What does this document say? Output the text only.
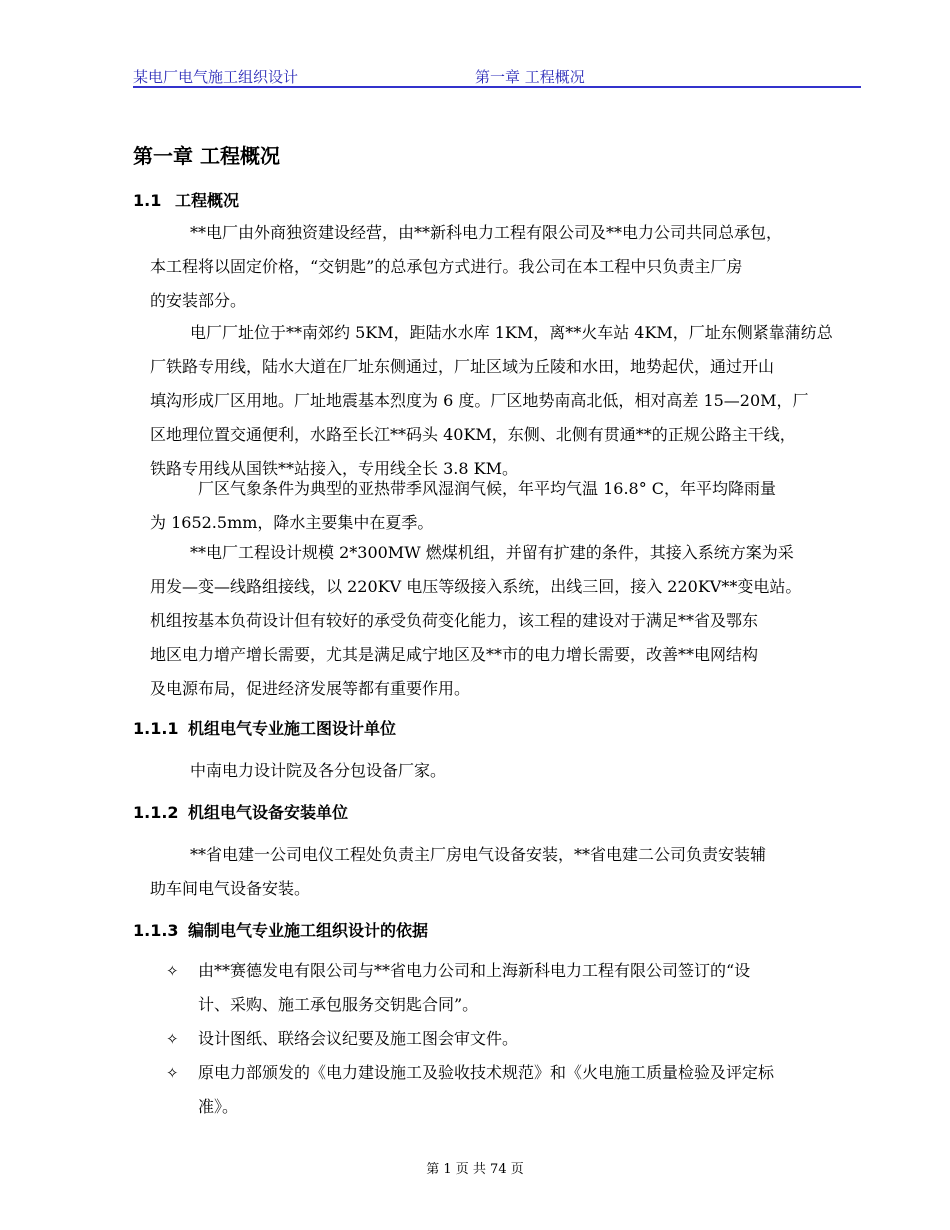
某电厂电气施工组织设计	第一章 工程概况
第一章 工程概况
1.1 工程概况
**电厂由外商独资建设经营，由**新科电力工程有限公司及**电力公司共同总承包，
本工程将以固定价格，“交钥匙”的总承包方式进行。我公司在本工程中只负责主厂房
的安装部分。
电厂厂址位于**南郊约 5KM，距陆水水库 1KM，离**火车站 4KM，厂址东侧紧靠蒲纺总
厂铁路专用线，陆水大道在厂址东侧通过，厂址区域为丘陵和水田，地势起伏，通过开山
填沟形成厂区用地。厂址地震基本烈度为 6 度。厂区地势南高北低，相对高差 15—20M，厂
区地理位置交通便利，水路至长江**码头 40KM，东侧、北侧有贯通**的正规公路主干线，
铁路专用线从国铁**站接入，专用线全长 3.8 KM。
厂区气象条件为典型的亚热带季风湿润气候，年平均气温 16.8° C，年平均降雨量
为 1652.5mm，降水主要集中在夏季。
**电厂工程设计规模 2*300MW 燃煤机组，并留有扩建的条件，其接入系统方案为采
用发—变—线路组接线，以 220KV 电压等级接入系统，出线三回，接入 220KV**变电站。
机组按基本负荷设计但有较好的承受负荷变化能力，该工程的建设对于满足**省及鄂东
地区电力增产增长需要，尤其是满足咸宁地区及**市的电力增长需要，改善**电网结构
及电源布局，促进经济发展等都有重要作用。
1.1.1 机组电气专业施工图设计单位
中南电力设计院及各分包设备厂家。
1.1.2 机组电气设备安装单位
**省电建一公司电仪工程处负责主厂房电气设备安装，**省电建二公司负责安装辅
助车间电气设备安装。
1.1.3 编制电气专业施工组织设计的依据
✧	由**赛德发电有限公司与**省电力公司和上海新科电力工程有限公司签订的“设
计、采购、施工承包服务交钥匙合同”。
✧	设计图纸、联络会议纪要及施工图会审文件。
✧	原电力部颁发的《电力建设施工及验收技术规范》和《火电施工质量检验及评定标
准》。
第 1 页 共 74 页
